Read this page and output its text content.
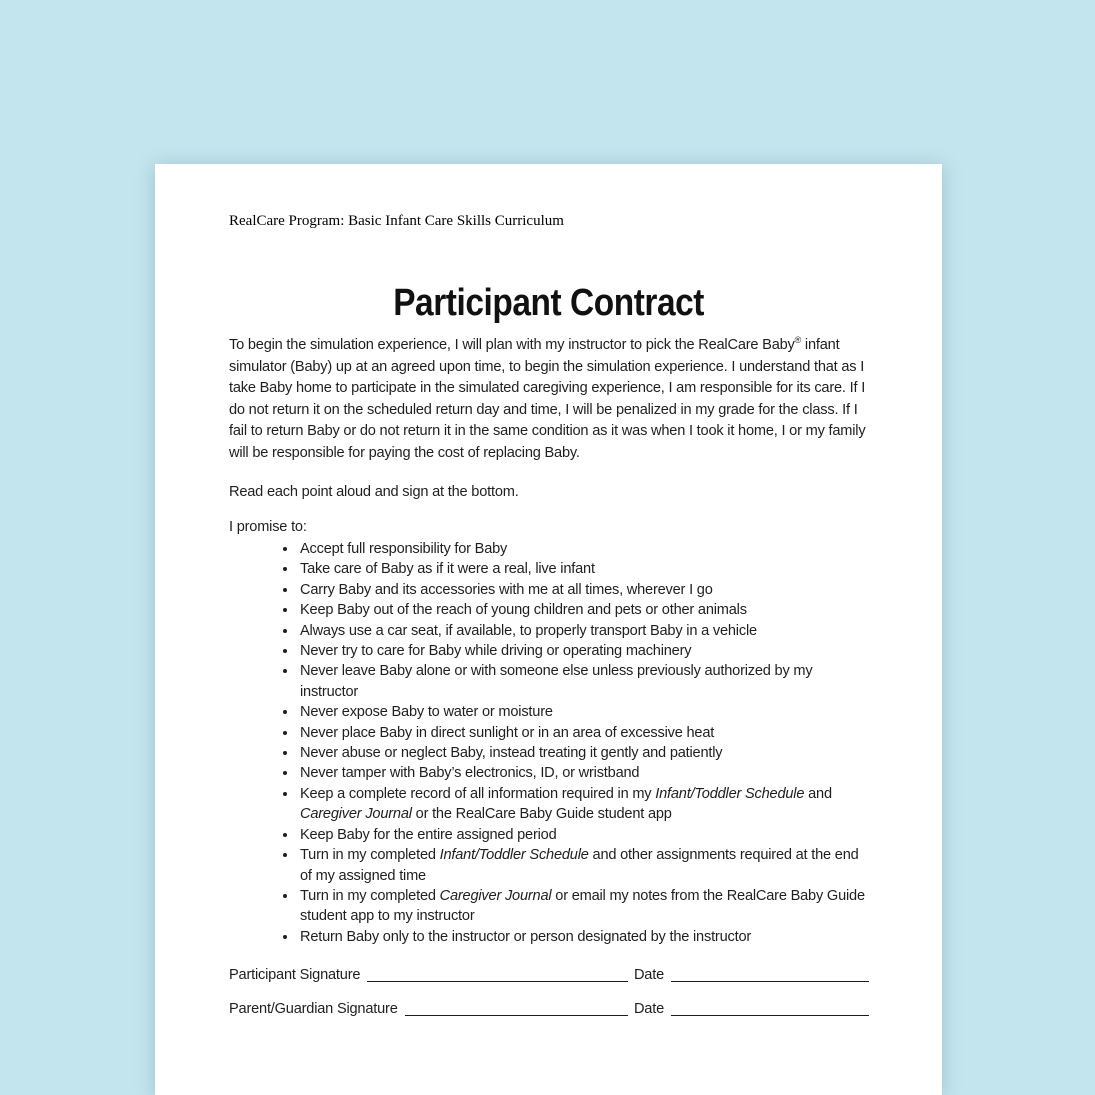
RealCare Program: Basic Infant Care Skills Curriculum
Participant Contract

To begin the simulation experience, I will plan with my instructor to pick the RealCare Baby® infant simulator (Baby) up at an agreed upon time, to begin the simulation experience. I understand that as I take Baby home to participate in the simulated caregiving experience, I am responsible for its care. If I do not return it on the scheduled return day and time, I will be penalized in my grade for the class. If I fail to return Baby or do not return it in the same condition as it was when I took it home, I or my family will be responsible for paying the cost of replacing Baby.

Read each point aloud and sign at the bottom.

I promise to:

• Accept full responsibility for Baby
• Take care of Baby as if it were a real, live infant
• Carry Baby and its accessories with me at all times, wherever I go
• Keep Baby out of the reach of young children and pets or other animals
• Always use a car seat, if available, to properly transport Baby in a vehicle
• Never try to care for Baby while driving or operating machinery
• Never leave Baby alone or with someone else unless previously authorized by my instructor
• Never expose Baby to water or moisture
• Never place Baby in direct sunlight or in an area of excessive heat
• Never abuse or neglect Baby, instead treating it gently and patiently
• Never tamper with Baby’s electronics, ID, or wristband
• Keep a complete record of all information required in my Infant/Toddler Schedule and Caregiver Journal or the RealCare Baby Guide student app
• Keep Baby for the entire assigned period
• Turn in my completed Infant/Toddler Schedule and other assignments required at the end of my assigned time
• Turn in my completed Caregiver Journal or email my notes from the RealCare Baby Guide student app to my instructor
• Return Baby only to the instructor or person designated by the instructor
Participant Signature	Date
Parent/Guardian Signature	Date
